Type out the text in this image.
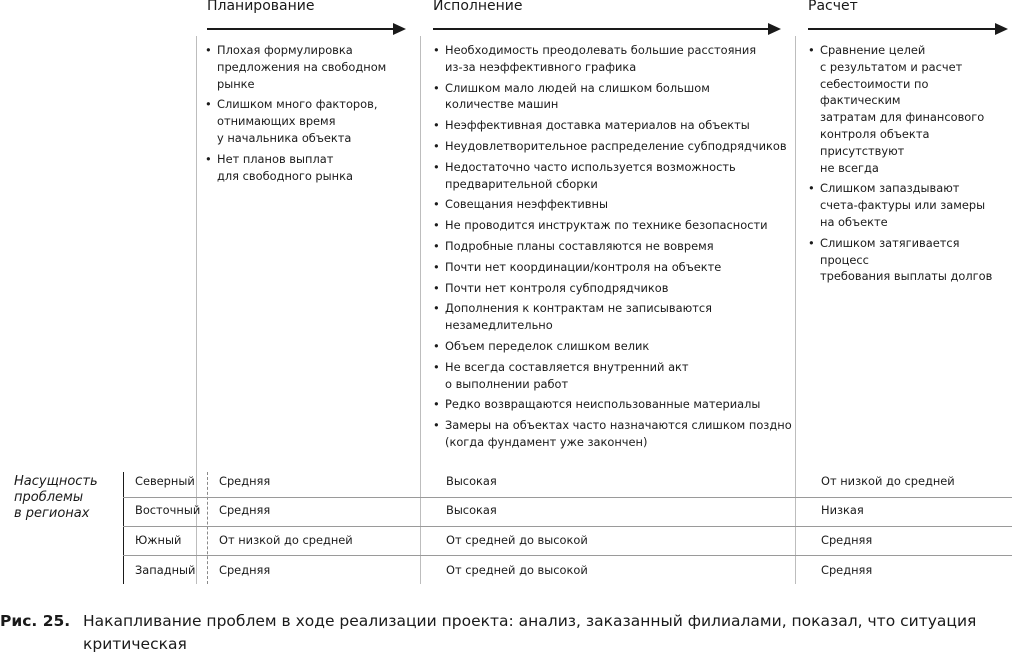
Планирование	Исполнение	Расчет
• Плохая формулировка
предложения на свободном
рынке
• Слишком много факторов,
отнимающих время
у начальника объекта
• Нет планов выплат
для свободного рынка
• Необходимость преодолевать большие расстояния
из-за неэффективного графика
• Слишком мало людей на слишком большом
количестве машин
• Неэффективная доставка материалов на объекты
• Неудовлетворительное распределение субподрядчиков
• Недостаточно часто используется возможность
предварительной сборки
• Совещания неэффективны
• Не проводится инструктаж по технике безопасности
• Подробные планы составляются не вовремя
• Почти нет координации/контроля на объекте
• Почти нет контроля субподрядчиков
• Дополнения к контрактам не записываются
незамедлительно
• Объем переделок слишком велик
• Не всегда составляется внутренний акт
о выполнении работ
• Редко возвращаются неиспользованные материалы
• Замеры на объектах часто назначаются слишком поздно
(когда фундамент уже закончен)
• Сравнение целей
с результатом и расчет
себестоимости по фактическим
затратам для финансового
контроля объекта присутствуют
не всегда
• Слишком запаздывают
счета-фактуры или замеры
на объекте
• Слишком затягивается процесс
требования выплаты долгов
Насущность
проблемы
в регионах
Северный Средняя	Высокая	От низкой до средней
Восточный Средняя	Высокая	Низкая
Южный	От низкой до средней	От средней до высокой	Средняя
Западный Средняя	От средней до высокой	Средняя
Рис. 25. Накапливание проблем в ходе реализации проекта: анализ, заказанный филиалами, показал, что ситуация
критическая
